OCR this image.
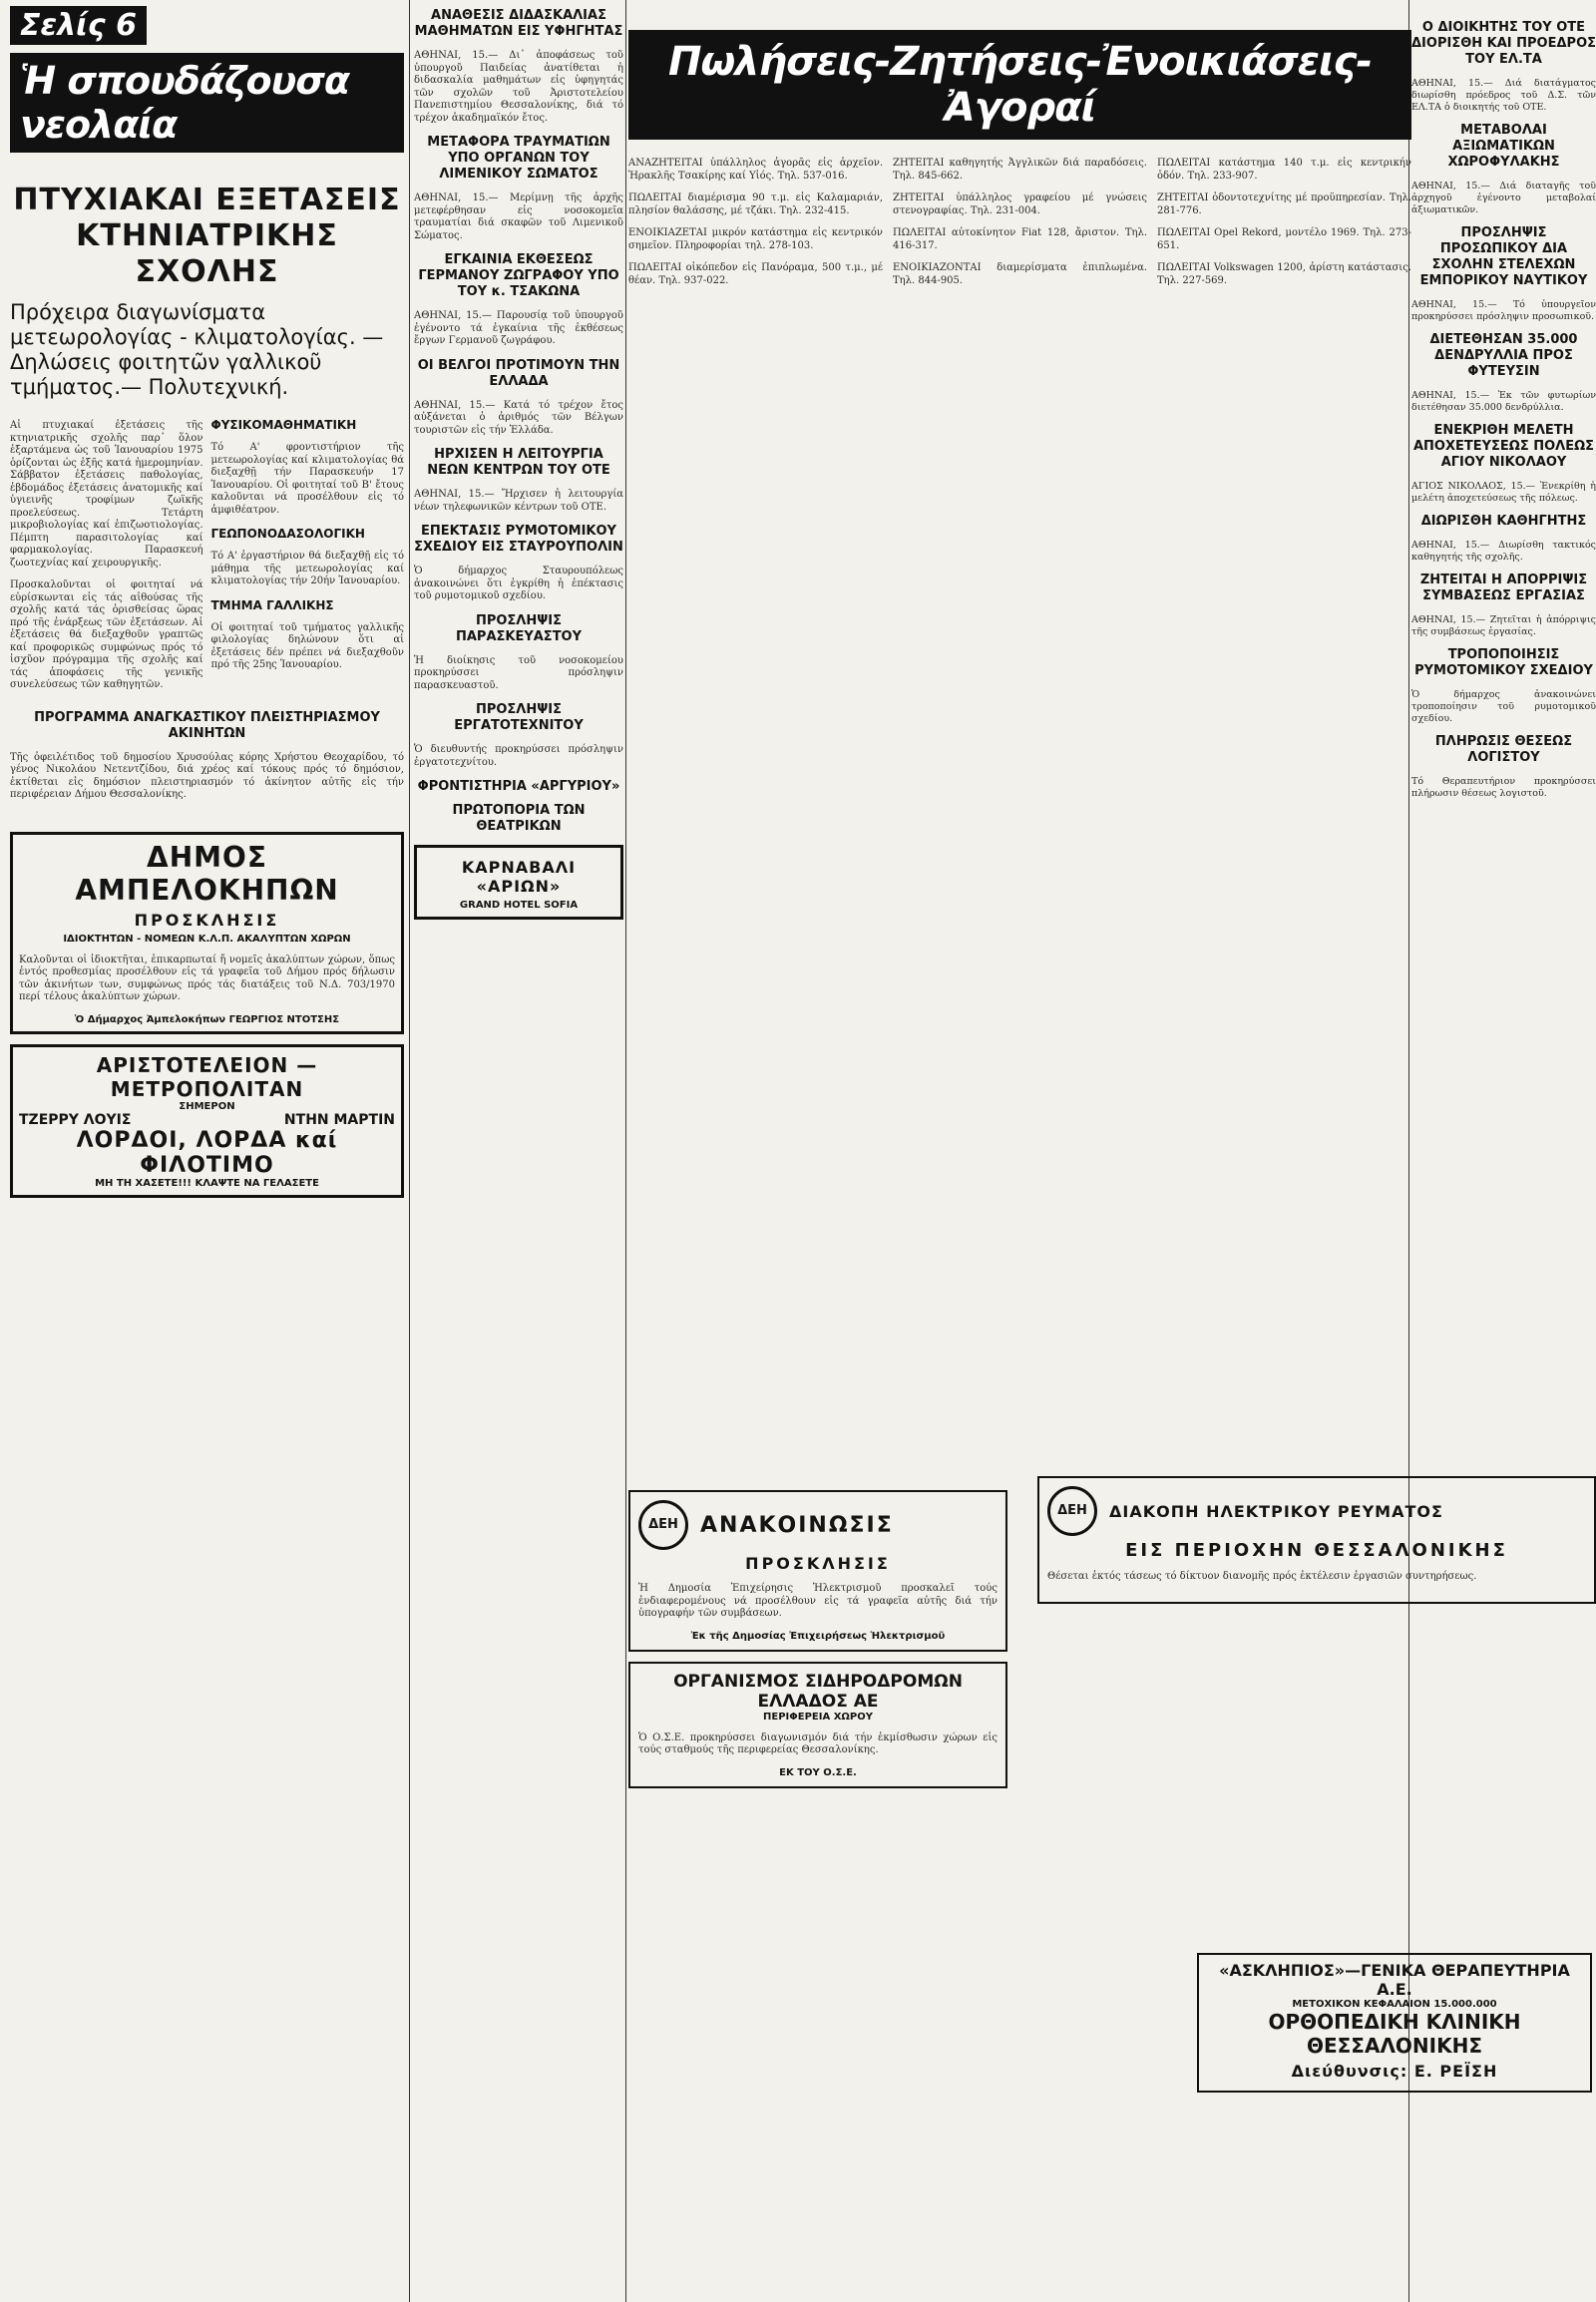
Σελίς 6
Ἡ σπουδάζουσα νεολαία
ΠΤΥΧΙΑΚΑΙ ΕΞΕΤΑΣΕΙΣ ΚΤΗΝΙΑΤΡΙΚΗΣ ΣΧΟΛΗΣ
Πρόχειρα διαγωνίσματα μετεωρολογίας - κλιματολογίας. — Δηλώσεις φοιτητῶν γαλλικοῦ τμήματος.— Πολυτεχνική.

Αἱ πτυχιακαί ἐξετάσεις τῆς κτηνιατρικῆς σχολῆς παρ᾽ ὅλον ἐξαρτάμενα ὡς τοῦ Ἰανουαρίου 1975 ὁρίζονται ὡς ἑξῆς κατά ἡμερομηνίαν. Σάββατον ἐξετάσεις παθολογίας, ἑβδομάδος ἐξετάσεις ἀνατομικῆς καί ὑγιεινῆς τροφίμων ζωϊκῆς προελεύσεως. Τετάρτη μικροβιολογίας καί ἐπιζωοτιολογίας. Πέμπτη παρασιτολογίας καί φαρμακολογίας. Παρασκευή ζωοτεχνίας καί χειρουργικῆς.

Προσκαλοῦνται οἱ φοιτηταί νά εὑρίσκωνται εἰς τάς αἰθούσας τῆς σχολῆς κατά τάς ὁρισθείσας ὥρας πρό τῆς ἐνάρξεως τῶν ἐξετάσεων. Αἱ ἐξετάσεις θά διεξαχθοῦν γραπτῶς καί προφορικῶς συμφώνως πρός τό ἰσχῦον πρόγραμμα τῆς σχολῆς καί τάς ἀποφάσεις τῆς γενικῆς συνελεύσεως τῶν καθηγητῶν.

ΦΥΣΙΚΟΜΑΘΗΜΑΤΙΚΗ

Τό Α' φροντιστήριον τῆς μετεωρολογίας καί κλιματολογίας θά διεξαχθῇ τήν Παρασκευήν 17 Ἰανουαρίου. Οἱ φοιτηταί τοῦ Β' ἔτους καλοῦνται νά προσέλθουν εἰς τό ἀμφιθέατρον.

ΓΕΩΠΟΝΟΔΑΣΟΛΟΓΙΚΗ

Τό Α' ἐργαστήριον θά διεξαχθῇ εἰς τό μάθημα τῆς μετεωρολογίας καί κλιματολογίας τήν 20ήν Ἰανουαρίου.

ΤΜΗΜΑ ΓΑΛΛΙΚΗΣ

Οἱ φοιτηταί τοῦ τμήματος γαλλικῆς φιλολογίας δηλώνουν ὅτι αἱ ἐξετάσεις δέν πρέπει νά διεξαχθοῦν πρό τῆς 25ης Ἰανουαρίου.

ΠΡΟΓΡΑΜΜΑ ΑΝΑΓΚΑΣΤΙΚΟΥ ΠΛΕΙΣΤΗΡΙΑΣΜΟΥ ΑΚΙΝΗΤΩΝ

Τῆς ὀφειλέτιδος τοῦ δημοσίου Χρυσούλας κόρης Χρήστου Θεοχαρίδου, τό γένος Νικολάου Νετεντζίδου, διά χρέος καί τόκους πρός τό δημόσιον, ἐκτίθεται εἰς δημόσιον πλειστηριασμόν τό ἀκίνητον αὐτῆς εἰς τήν περιφέρειαν Δήμου Θεσσαλονίκης.

ΔΗΜΟΣ ΑΜΠΕΛΟΚΗΠΩΝ
ΠΡΟΣΚΛΗΣΙΣ
ΙΔΙΟΚΤΗΤΩΝ - ΝΟΜΕΩΝ Κ.Λ.Π. ΑΚΑΛΥΠΤΩΝ ΧΩΡΩΝ

Καλοῦνται οἱ ἰδιοκτῆται, ἐπικαρπωταί ἤ νομεῖς ἀκαλύπτων χώρων, ὅπως ἐντός προθεσμίας προσέλθουν εἰς τά γραφεῖα τοῦ Δήμου πρός δήλωσιν τῶν ἀκινήτων των, συμφώνως πρός τάς διατάξεις τοῦ Ν.Δ. 703/1970 περί τέλους ἀκαλύπτων χώρων.

Ὁ Δήμαρχος Ἀμπελοκήπων ΓΕΩΡΓΙΟΣ ΝΤΟΤΣΗΣ
ΑΡΙΣΤΟΤΕΛΕΙΟΝ — ΜΕΤΡΟΠΟΛΙΤΑΝ
ΣΗΜΕΡΟΝ
ΤΖΕΡΡΥ ΛΟΥΙΣ	ΝΤΗΝ ΜΑΡΤΙΝ
ΛΟΡΔΟΙ, ΛΟΡΔΑ καί ΦΙΛΟΤΙΜΟ
ΜΗ ΤΗ ΧΑΣΕΤΕ!!! ΚΛΑΨΤΕ ΝΑ ΓΕΛΑΣΕΤΕ
ΑΝΑΘΕΣΙΣ ΔΙΔΑΣΚΑΛΙΑΣ ΜΑΘΗΜΑΤΩΝ ΕΙΣ ΥΦΗΓΗΤΑΣ

ΑΘΗΝΑΙ, 15.— Δι᾽ ἀποφάσεως τοῦ ὑπουργοῦ Παιδείας ἀνατίθεται ἡ διδασκαλία μαθημάτων εἰς ὑφηγητάς τῶν σχολῶν τοῦ Ἀριστοτελείου Πανεπιστημίου Θεσσαλονίκης, διά τό τρέχον ἀκαδημαϊκόν ἔτος.

ΜΕΤΑΦΟΡΑ ΤΡΑΥΜΑΤΙΩΝ ΥΠΟ ΟΡΓΑΝΩΝ ΤΟΥ ΛΙΜΕΝΙΚΟΥ ΣΩΜΑΤΟΣ

ΑΘΗΝΑΙ, 15.— Μερίμνῃ τῆς ἀρχῆς μετεφέρθησαν εἰς νοσοκομεῖα τραυματίαι διά σκαφῶν τοῦ Λιμενικοῦ Σώματος.

ΕΓΚΑΙΝΙΑ ΕΚΘΕΣΕΩΣ ΓΕΡΜΑΝΟΥ ΖΩΓΡΑΦΟΥ ΥΠΟ ΤΟΥ κ. ΤΣΑΚΩΝΑ

ΑΘΗΝΑΙ, 15.— Παρουσίᾳ τοῦ ὑπουργοῦ ἐγένοντο τά ἐγκαίνια τῆς ἐκθέσεως ἔργων Γερμανοῦ ζωγράφου.

ΟΙ ΒΕΛΓΟΙ ΠΡΟΤΙΜΟΥΝ ΤΗΝ ΕΛΛΑΔΑ

ΑΘΗΝΑΙ, 15.— Κατά τό τρέχον ἔτος αὐξάνεται ὁ ἀριθμός τῶν Βέλγων τουριστῶν εἰς τήν Ἑλλάδα.

ΗΡΧΙΣΕΝ Η ΛΕΙΤΟΥΡΓΙΑ ΝΕΩΝ ΚΕΝΤΡΩΝ ΤΟΥ ΟΤΕ

ΑΘΗΝΑΙ, 15.— Ἤρχισεν ἡ λειτουργία νέων τηλεφωνικῶν κέντρων τοῦ ΟΤΕ.

ΕΠΕΚΤΑΣΙΣ ΡΥΜΟΤΟΜΙΚΟΥ ΣΧΕΔΙΟΥ ΕΙΣ ΣΤΑΥΡΟΥΠΟΛΙΝ

Ὁ δήμαρχος Σταυρουπόλεως ἀνακοινώνει ὅτι ἐγκρίθη ἡ ἐπέκτασις τοῦ ρυμοτομικοῦ σχεδίου.

ΠΡΟΣΛΗΨΙΣ ΠΑΡΑΣΚΕΥΑΣΤΟΥ

Ἡ διοίκησις τοῦ νοσοκομείου προκηρύσσει πρόσληψιν παρασκευαστοῦ.

ΠΡΟΣΛΗΨΙΣ ΕΡΓΑΤΟΤΕΧΝΙΤΟΥ

Ὁ διευθυντής προκηρύσσει πρόσληψιν ἐργατοτεχνίτου.

ΦΡΟΝΤΙΣΤΗΡΙΑ «ΑΡΓΥΡΙΟΥ»
ΠΡΩΤΟΠΟΡΙΑ ΤΩΝ ΘΕΑΤΡΙΚΩΝ
ΚΑΡΝΑΒΑΛΙ «ΑΡΙΩΝ»
GRAND HOTEL SOFIA
Πωλήσεις-Ζητήσεις-Ἐνοικιάσεις-Ἀγοραί

ΑΝΑΖΗΤΕΙΤΑΙ ὑπάλληλος ἀγορᾶς εἰς ἀρχεῖον. Ἡρακλῆς Τσακίρης καί Υἱός. Τηλ. 537-016.

ΠΩΛΕΙΤΑΙ διαμέρισμα 90 τ.μ. εἰς Καλαμαριάν, πλησίον θαλάσσης, μέ τζάκι. Τηλ. 232-415.

ΕΝΟΙΚΙΑΖΕΤΑΙ μικρόν κατάστημα εἰς κεντρικόν σημεῖον. Πληροφορίαι τηλ. 278-103.

ΠΩΛΕΙΤΑΙ οἰκόπεδον εἰς Πανόραμα, 500 τ.μ., μέ θέαν. Τηλ. 937-022.

ΖΗΤΕΙΤΑΙ καθηγητής Ἀγγλικῶν διά παραδόσεις. Τηλ. 845-662.

ΖΗΤΕΙΤΑΙ ὑπάλληλος γραφείου μέ γνώσεις στενογραφίας. Τηλ. 231-004.

ΠΩΛΕΙΤΑΙ αὐτοκίνητον Fiat 128, ἄριστον. Τηλ. 416-317.

ΕΝΟΙΚΙΑΖΟΝΤΑΙ διαμερίσματα ἐπιπλωμένα. Τηλ. 844-905.

ΠΩΛΕΙΤΑΙ κατάστημα 140 τ.μ. εἰς κεντρικήν ὁδόν. Τηλ. 233-907.

ΖΗΤΕΙΤΑΙ ὀδοντοτεχνίτης μέ προϋπηρεσίαν. Τηλ. 281-776.

ΠΩΛΕΙΤΑΙ Opel Rekord, μοντέλο 1969. Τηλ. 273-651.

ΠΩΛΕΙΤΑΙ Volkswagen 1200, ἀρίστη κατάστασις. Τηλ. 227-569.

ΔΕΗ	ΑΝΑΚΟΙΝΩΣΙΣ
ΠΡΟΣΚΛΗΣΙΣ

Ἡ Δημοσία Ἐπιχείρησις Ἠλεκτρισμοῦ προσκαλεῖ τούς ἐνδιαφερομένους νά προσέλθουν εἰς τά γραφεῖα αὐτῆς διά τήν ὑπογραφήν τῶν συμβάσεων.

Ἐκ τῆς Δημοσίας Ἐπιχειρήσεως Ἠλεκτρισμοῦ
ΟΡΓΑΝΙΣΜΟΣ ΣΙΔΗΡΟΔΡΟΜΩΝ ΕΛΛΑΔΟΣ ΑΕ
ΠΕΡΙΦΕΡΕΙΑ ΧΩΡΟΥ

Ὁ Ο.Σ.Ε. προκηρύσσει διαγωνισμόν διά τήν ἐκμίσθωσιν χώρων εἰς τούς σταθμούς τῆς περιφερείας Θεσσαλονίκης.

ΕΚ ΤΟΥ Ο.Σ.Ε.
Ο ΔΙΟΙΚΗΤΗΣ ΤΟΥ ΟΤΕ ΔΙΟΡΙΣΘΗ ΚΑΙ ΠΡΟΕΔΡΟΣ ΤΟΥ ΕΛ.ΤΑ

ΑΘΗΝΑΙ, 15.— Διά διατάγματος διωρίσθη πρόεδρος τοῦ Δ.Σ. τῶν ΕΛ.ΤΑ ὁ διοικητής τοῦ ΟΤΕ.

ΜΕΤΑΒΟΛΑΙ ΑΞΙΩΜΑΤΙΚΩΝ ΧΩΡΟΦΥΛΑΚΗΣ

ΑΘΗΝΑΙ, 15.— Διά διαταγῆς τοῦ ἀρχηγοῦ ἐγένοντο μεταβολαί ἀξιωματικῶν.

ΠΡΟΣΛΗΨΙΣ ΠΡΟΣΩΠΙΚΟΥ ΔΙΑ ΣΧΟΛΗΝ ΣΤΕΛΕΧΩΝ ΕΜΠΟΡΙΚΟΥ ΝΑΥΤΙΚΟΥ

ΑΘΗΝΑΙ, 15.— Τό ὑπουργεῖον προκηρύσσει πρόσληψιν προσωπικοῦ.

ΔΙΕΤΕΘΗΣΑΝ 35.000 ΔΕΝΔΡΥΛΛΙΑ ΠΡΟΣ ΦΥΤΕΥΣΙΝ

ΑΘΗΝΑΙ, 15.— Ἐκ τῶν φυτωρίων διετέθησαν 35.000 δενδρύλλια.

ΕΝΕΚΡΙΘΗ ΜΕΛΕΤΗ ΑΠΟΧΕΤΕΥΣΕΩΣ ΠΟΛΕΩΣ ΑΓΙΟΥ ΝΙΚΟΛΑΟΥ

ΑΓΙΟΣ ΝΙΚΟΛΑΟΣ, 15.— Ἐνεκρίθη ἡ μελέτη ἀποχετεύσεως τῆς πόλεως.

ΔΙΩΡΙΣΘΗ ΚΑΘΗΓΗΤΗΣ

ΑΘΗΝΑΙ, 15.— Διωρίσθη τακτικός καθηγητής τῆς σχολῆς.

ΖΗΤΕΙΤΑΙ Η ΑΠΟΡΡΙΨΙΣ ΣΥΜΒΑΣΕΩΣ ΕΡΓΑΣΙΑΣ

ΑΘΗΝΑΙ, 15.— Ζητεῖται ἡ ἀπόρριψις τῆς συμβάσεως ἐργασίας.

ΤΡΟΠΟΠΟΙΗΣΙΣ ΡΥΜΟΤΟΜΙΚΟΥ ΣΧΕΔΙΟΥ

Ὁ δήμαρχος ἀνακοινώνει τροποποίησιν τοῦ ρυμοτομικοῦ σχεδίου.

ΠΛΗΡΩΣΙΣ ΘΕΣΕΩΣ ΛΟΓΙΣΤΟΥ

Τό Θεραπευτήριον προκηρύσσει πλήρωσιν θέσεως λογιστοῦ.

ΔΕΗ	ΔΙΑΚΟΠΗ ΗΛΕΚΤΡΙΚΟΥ ΡΕΥΜΑΤΟΣ
ΕΙΣ ΠΕΡΙΟΧΗΝ ΘΕΣΣΑΛΟΝΙΚΗΣ

Θέσεται ἐκτός τάσεως τό δίκτυον διανομῆς πρός ἐκτέλεσιν ἐργασιῶν συντηρήσεως.

«ΑΣΚΛΗΠΙΟΣ»—ΓΕΝΙΚΑ ΘΕΡΑΠΕΥΤΗΡΙΑ Α.Ε.
ΜΕΤΟΧΙΚΟΝ ΚΕΦΑΛΑΙΟΝ 15.000.000
ΟΡΘΟΠΕΔΙΚΗ ΚΛΙΝΙΚΗ ΘΕΣΣΑΛΟΝΙΚΗΣ
Διεύθυνσις: Ε. ΡΕΪΣΗ
